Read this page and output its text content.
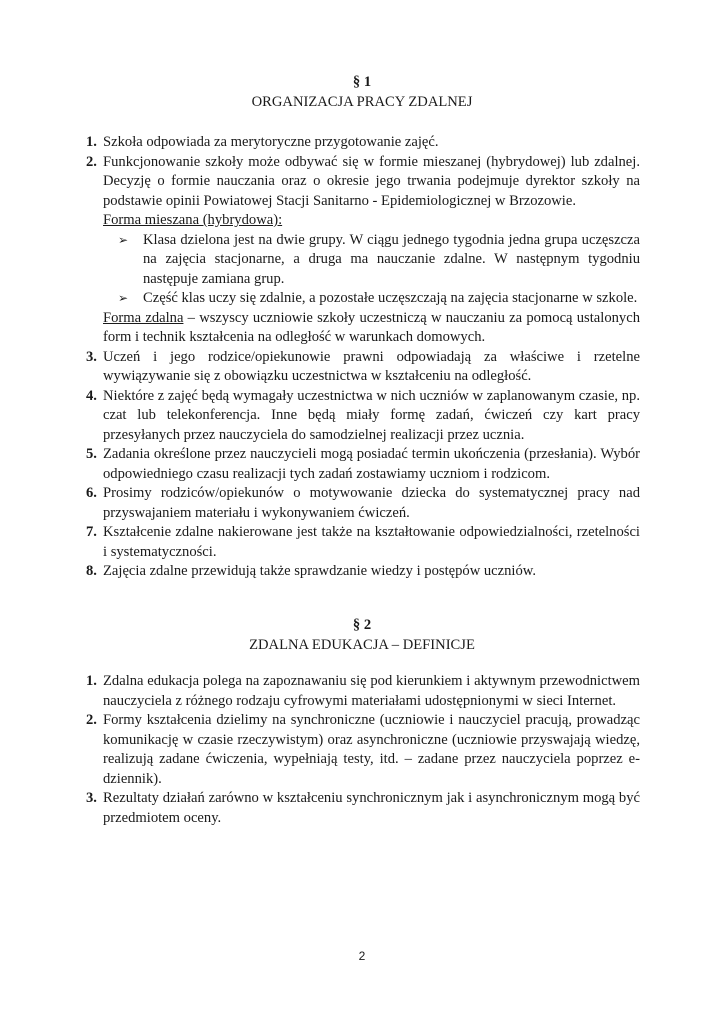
§ 1
ORGANIZACJA PRACY ZDALNEJ
1. Szkoła odpowiada za merytoryczne przygotowanie zajęć.
2. Funkcjonowanie szkoły może odbywać się w formie mieszanej (hybrydowej) lub zdalnej. Decyzję o formie nauczania oraz o okresie jego trwania podejmuje dyrektor szkoły na podstawie opinii Powiatowej Stacji Sanitarno - Epidemiologicznej w Brzozowie.
Forma mieszana (hybrydowa):
➢ Klasa dzielona jest na dwie grupy. W ciągu jednego tygodnia jedna grupa uczęszcza na zajęcia stacjonarne, a druga ma nauczanie zdalne. W następnym tygodniu następuje zamiana grup.
➢ Część klas uczy się zdalnie, a pozostałe uczęszczają na zajęcia stacjonarne w szkole.
Forma zdalna – wszyscy uczniowie szkoły uczestniczą w nauczaniu za pomocą ustalonych form i technik kształcenia na odległość w warunkach domowych.
3. Uczeń i jego rodzice/opiekunowie prawni odpowiadają za właściwe i rzetelne wywiązywanie się z obowiązku uczestnictwa w kształceniu na odległość.
4. Niektóre z zajęć będą wymagały uczestnictwa w nich uczniów w zaplanowanym czasie, np. czat lub telekonferencja. Inne będą miały formę zadań, ćwiczeń czy kart pracy przesyłanych przez nauczyciela do samodzielnej realizacji przez ucznia.
5. Zadania określone przez nauczycieli mogą posiadać termin ukończenia (przesłania). Wybór odpowiedniego czasu realizacji tych zadań zostawiamy uczniom i rodzicom.
6. Prosimy rodziców/opiekunów o motywowanie dziecka do systematycznej pracy nad przyswajaniem materiału i wykonywaniem ćwiczeń.
7. Kształcenie zdalne nakierowane jest także na kształtowanie odpowiedzialności, rzetelności i systematyczności.
8. Zajęcia zdalne przewidują także sprawdzanie wiedzy i postępów uczniów.
§ 2
ZDALNA EDUKACJA – DEFINICJE
1. Zdalna edukacja polega na zapoznawaniu się pod kierunkiem i aktywnym przewodnictwem nauczyciela z różnego rodzaju cyfrowymi materiałami udostępnionymi w sieci Internet.
2. Formy kształcenia dzielimy na synchroniczne (uczniowie i nauczyciel pracują, prowadząc komunikację w czasie rzeczywistym) oraz asynchroniczne (uczniowie przyswajają wiedzę, realizują zadane ćwiczenia, wypełniają testy, itd. – zadane przez nauczyciela poprzez e-dziennik).
3. Rezultaty działań zarówno w kształceniu synchronicznym jak i asynchronicznym mogą być przedmiotem oceny.
2
